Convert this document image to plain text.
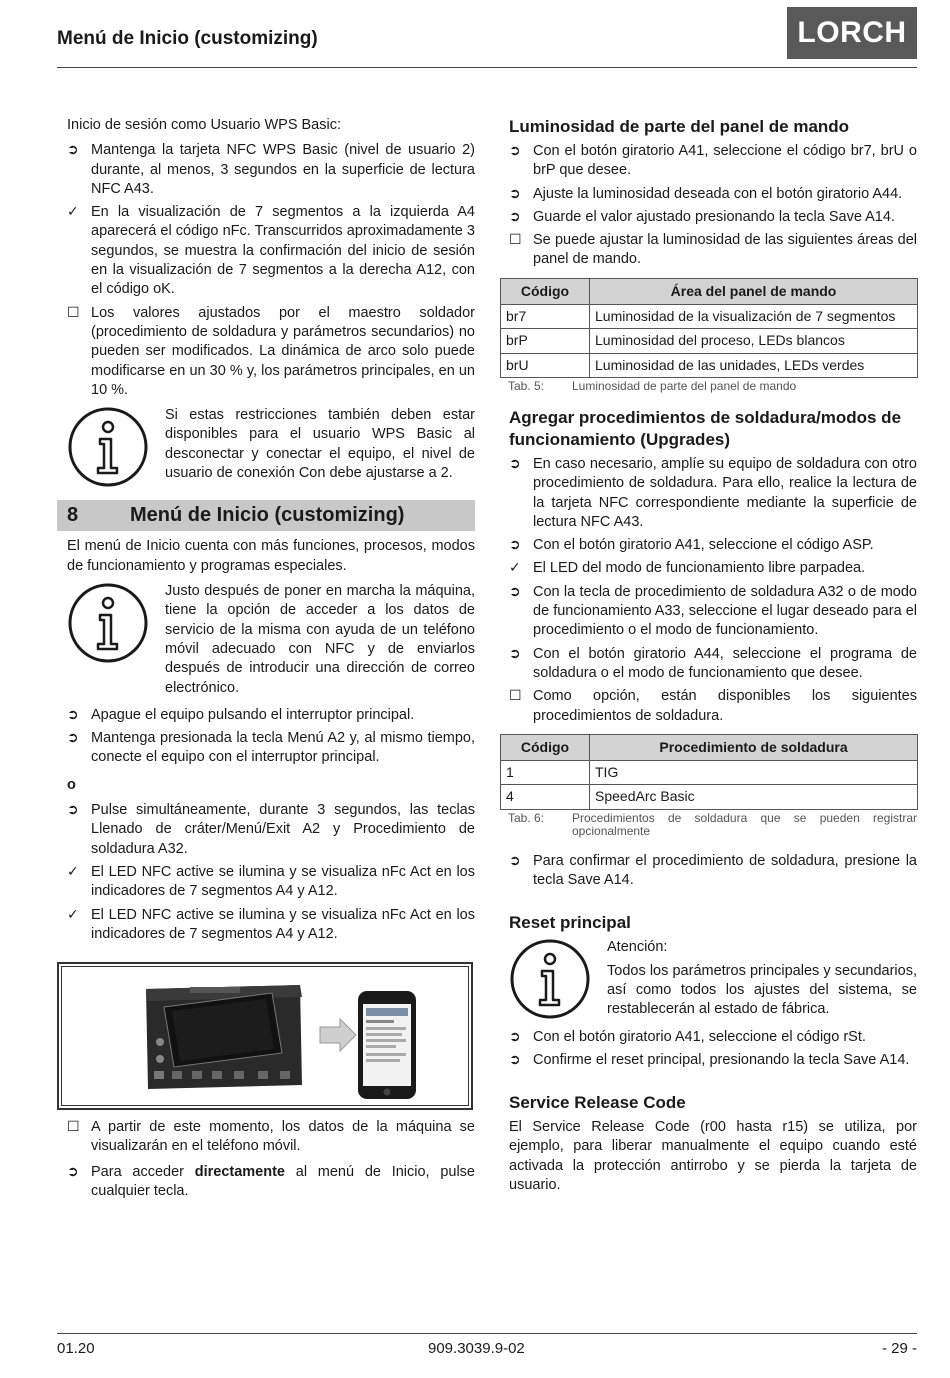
Menú de Inicio (customizing)	LORCH

Inicio de sesión como Usuario WPS Basic:

➲ Mantenga la tarjeta NFC WPS Basic (nivel de usuario 2) durante, al menos, 3 segundos en la superficie de lectura NFC A43.
✓ En la visualización de 7 segmentos a la izquierda A4 aparecerá el código nFc. Transcurridos aproximadamente 3 segundos, se muestra la confirmación del inicio de sesión en la visualización de 7 segmentos a la derecha A12, con el código oK.
☐ Los valores ajustados por el maestro soldador (procedimiento de soldadura y parámetros secundarios) no pueden ser modificados. La dinámica de arco solo puede modificarse en un 30 % y, los parámetros principales, en un 10 %.
Si estas restricciones también deben estar disponibles para el usuario WPS Basic al desconectar y conectar el equipo, el nivel de usuario de conexión Con debe ajustarse a 2.
8	Menú de Inicio (customizing)

El menú de Inicio cuenta con más funciones, procesos, modos de funcionamiento y programas especiales.

Justo después de poner en marcha la máquina, tiene la opción de acceder a los datos de servicio de la misma con ayuda de un teléfono móvil adecuado con NFC y de enviarlos después de introducir una dirección de correo electrónico.
➲ Apague el equipo pulsando el interruptor principal.
➲ Mantenga presionada la tecla Menú A2 y, al mismo tiempo, conecte el equipo con el interruptor principal.
o
➲ Pulse simultáneamente, durante 3 segundos, las teclas Llenado de cráter/Menú/Exit A2 y Procedimiento de soldadura A32.
✓ El LED NFC active se ilumina y se visualiza nFc Act en los indicadores de 7 segmentos A4 y A12.
✓ El LED NFC active se ilumina y se visualiza nFc Act en los indicadores de 7 segmentos A4 y A12.
☐ A partir de este momento, los datos de la máquina se visualizarán en el teléfono móvil.
➲ Para acceder directamente al menú de Inicio, pulse cualquier tecla.
Luminosidad de parte del panel de mando
➲ Con el botón giratorio A41, seleccione el código br7, brU o brP que desee.
➲ Ajuste la luminosidad deseada con el botón giratorio A44.
➲ Guarde el valor ajustado presionando la tecla Save A14.
☐ Se puede ajustar la luminosidad de las siguientes áreas del panel de mando.
Código	Área del panel de mando
br7	Luminosidad de la visualización de 7 segmentos
brP	Luminosidad del proceso, LEDs blancos
brU	Luminosidad de las unidades, LEDs verdes
Tab. 5:	Luminosidad de parte del panel de mando
Agregar procedimientos de soldadura/modos de funcionamiento (Upgrades)
➲ En caso necesario, amplíe su equipo de soldadura con otro procedimiento de soldadura. Para ello, realice la lectura de la tarjeta NFC correspondiente mediante la superficie de lectura NFC A43.
➲ Con el botón giratorio A41, seleccione el código ASP.
✓ El LED del modo de funcionamiento libre parpadea.
➲ Con la tecla de procedimiento de soldadura A32 o de modo de funcionamiento A33, seleccione el lugar deseado para el procedimiento o el modo de funcionamiento.
➲ Con el botón giratorio A44, seleccione el programa de soldadura o el modo de funcionamiento que desee.
☐ Como opción, están disponibles los siguientes procedimientos de soldadura.
Código	Procedimiento de soldadura
1	TIG
4	SpeedArc Basic
Tab. 6:	Procedimientos de soldadura que se pueden registrar opcionalmente
➲ Para confirmar el procedimiento de soldadura, presione la tecla Save A14.
Reset principal

Atención:

Todos los parámetros principales y secundarios, así como todos los ajustes del sistema, se restablecerán al estado de fábrica.
➲ Con el botón giratorio A41, seleccione el código rSt.
➲ Confirme el reset principal, presionando la tecla Save A14.
Service Release Code

El Service Release Code (r00 hasta r15) se utiliza, por ejemplo, para liberar manualmente el equipo cuando esté activada la protección antirrobo y se pierda la tarjeta de usuario.

01.20	909.3039.9-02	- 29 -
